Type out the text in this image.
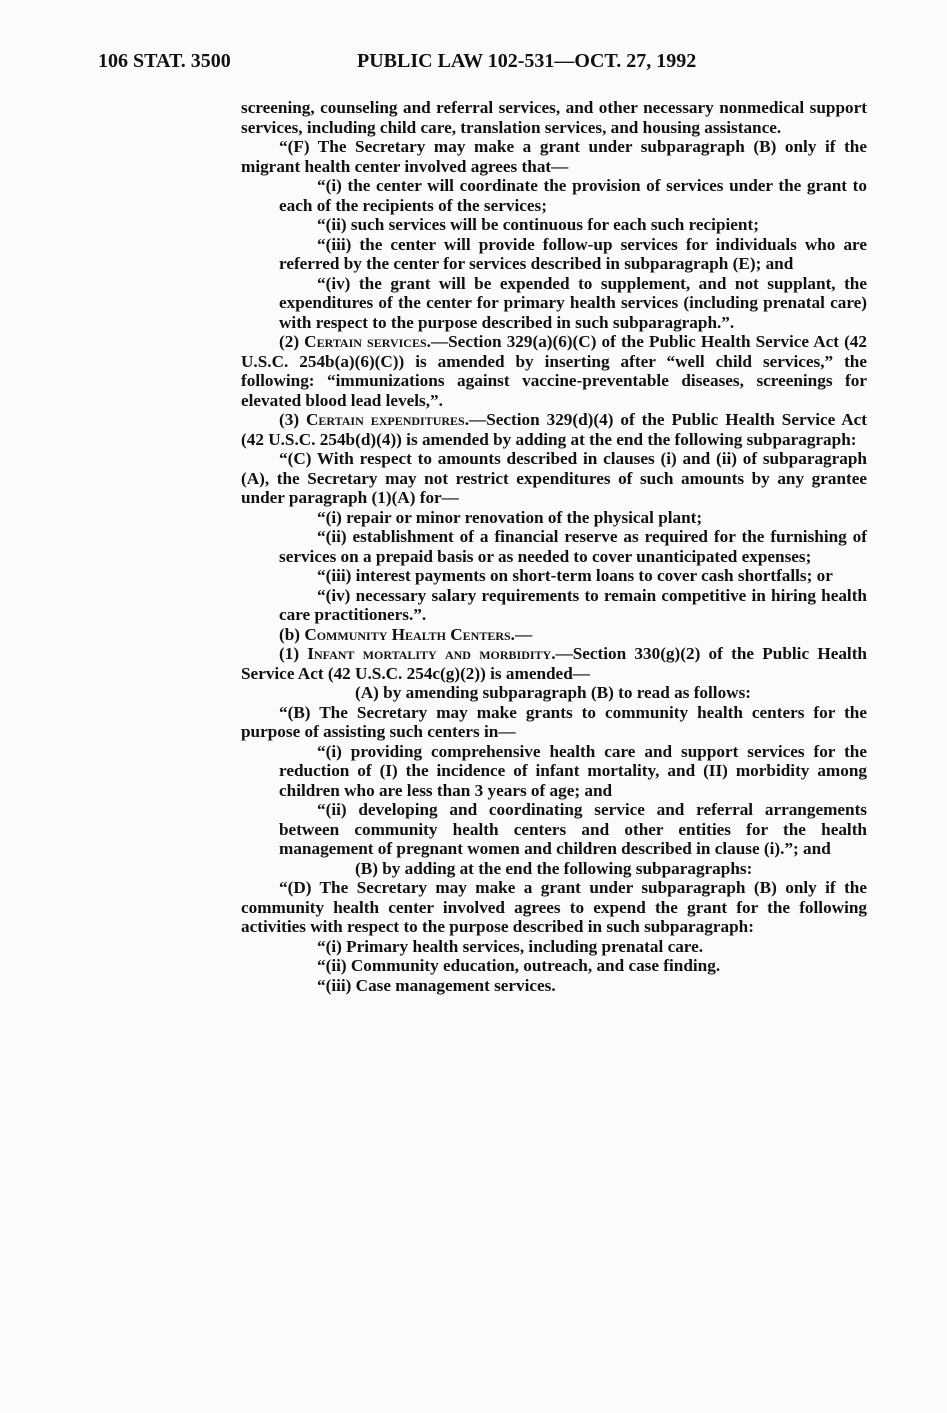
106 STAT. 3500	PUBLIC LAW 102-531—OCT. 27, 1992

screening, counseling and referral services, and other necessary nonmedical support services, including child care, translation services, and housing assistance.

“(F) The Secretary may make a grant under subparagraph (B) only if the migrant health center involved agrees that—

“(i) the center will coordinate the provision of services under the grant to each of the recipients of the services;

“(ii) such services will be continuous for each such recipient;

“(iii) the center will provide follow-up services for individuals who are referred by the center for services described in subparagraph (E); and

“(iv) the grant will be expended to supplement, and not supplant, the expenditures of the center for primary health services (including prenatal care) with respect to the purpose described in such subparagraph.”.

(2) Certain services.—Section 329(a)(6)(C) of the Public Health Service Act (42 U.S.C. 254b(a)(6)(C)) is amended by inserting after “well child services,” the following: “immunizations against vaccine-preventable diseases, screenings for elevated blood lead levels,”.

(3) Certain expenditures.—Section 329(d)(4) of the Public Health Service Act (42 U.S.C. 254b(d)(4)) is amended by adding at the end the following subparagraph:

“(C) With respect to amounts described in clauses (i) and (ii) of subparagraph (A), the Secretary may not restrict expenditures of such amounts by any grantee under paragraph (1)(A) for—

“(i) repair or minor renovation of the physical plant;

“(ii) establishment of a financial reserve as required for the furnishing of services on a prepaid basis or as needed to cover unanticipated expenses;

“(iii) interest payments on short-term loans to cover cash shortfalls; or

“(iv) necessary salary requirements to remain competitive in hiring health care practitioners.”.

(b) Community Health Centers.—

(1) Infant mortality and morbidity.—Section 330(g)(2) of the Public Health Service Act (42 U.S.C. 254c(g)(2)) is amended—

(A) by amending subparagraph (B) to read as follows:

“(B) The Secretary may make grants to community health centers for the purpose of assisting such centers in—

“(i) providing comprehensive health care and support services for the reduction of (I) the incidence of infant mortality, and (II) morbidity among children who are less than 3 years of age; and

“(ii) developing and coordinating service and referral arrangements between community health centers and other entities for the health management of pregnant women and children described in clause (i).”; and

(B) by adding at the end the following subparagraphs:

“(D) The Secretary may make a grant under subparagraph (B) only if the community health center involved agrees to expend the grant for the following activities with respect to the purpose described in such subparagraph:

“(i) Primary health services, including prenatal care.

“(ii) Community education, outreach, and case finding.

“(iii) Case management services.
